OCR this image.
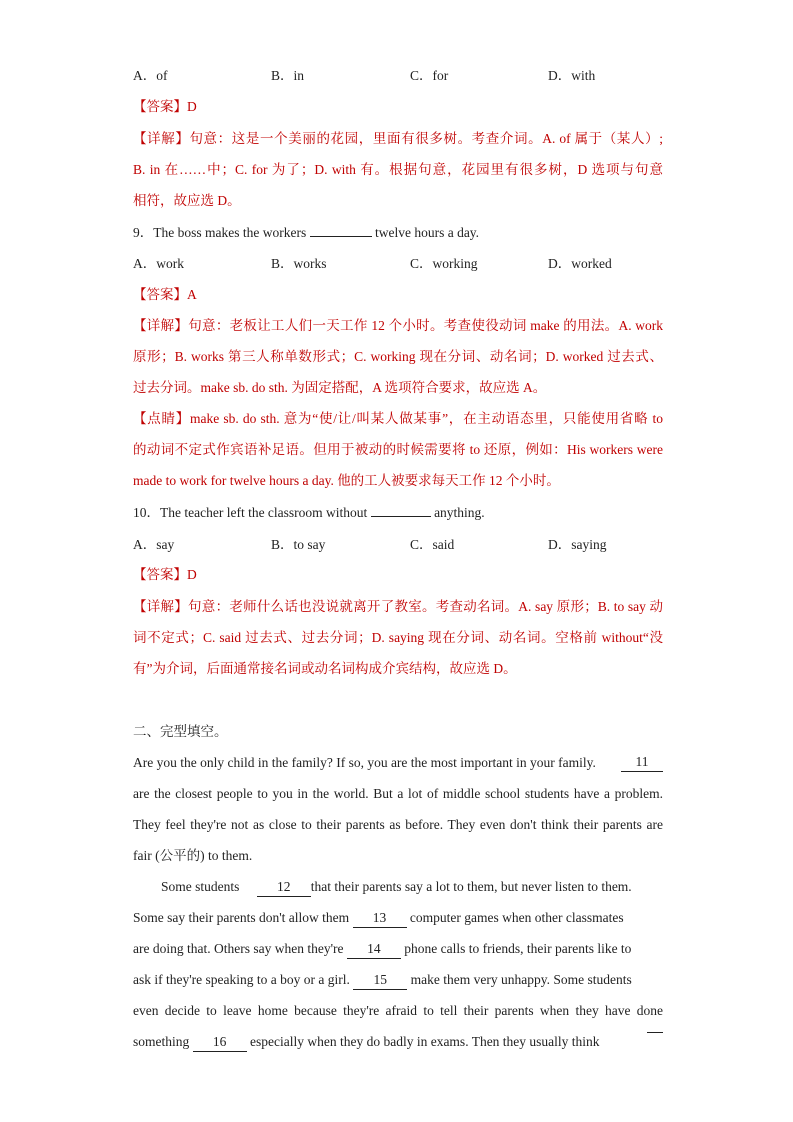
A．of	B．in	C．for	D．with
【答案】D
【详解】句意：这是一个美丽的花园，里面有很多树。考查介词。A. of 属于（某人）;
B. in 在……中；C. for 为了；D. with 有。根据句意，花园里有很多树，D 选项与句意
相符，故应选 D。
9．The boss makes the workers	twelve hours a day.
A．work	B．works	C．working	D．worked
【答案】A
【详解】句意：老板让工人们一天工作 12 个小时。考查使役动词 make 的用法。A. work
原形；B. works 第三人称单数形式；C. working 现在分词、动名词；D. worked 过去式、
过去分词。make sb. do sth. 为固定搭配，A 选项符合要求，故应选 A。
【点睛】make sb. do sth. 意为“使/让/叫某人做某事”，在主动语态里，只能使用省略 to
的动词不定式作宾语补足语。但用于被动的时候需要将 to 还原，例如：His workers were
made to work for twelve hours a day. 他的工人被要求每天工作 12 个小时。
10．The teacher left the classroom without	anything.
A．say	B．to say	C．said	D．saying
【答案】D
【详解】句意：老师什么话也没说就离开了教室。考查动名词。A. say 原形；B. to say 动
词不定式；C. said 过去式、过去分词；D. saying 现在分词、动名词。空格前 without“没
有”为介词，后面通常接名词或动名词构成介宾结构，故应选 D。
二、完型填空。
Are you the only child in the family? If so, you are the most important in your family.	11
are the closest people to you in the world. But a lot of middle school students have a problem.
They feel they're not as close to their parents as before. They even don't think their parents are
fair (公平的) to them.
Some students	12 that their parents say a lot to them, but never listen to them.
Some say their parents don't allow them 13 computer games when other classmates
are doing that. Others say when they're 14 phone calls to friends, their parents like to
ask if they're speaking to a boy or a girl. 15 make them very unhappy. Some students
even decide to leave home because they're afraid to tell their parents when they have done
something 16 especially when they do badly in exams. Then they usually think
